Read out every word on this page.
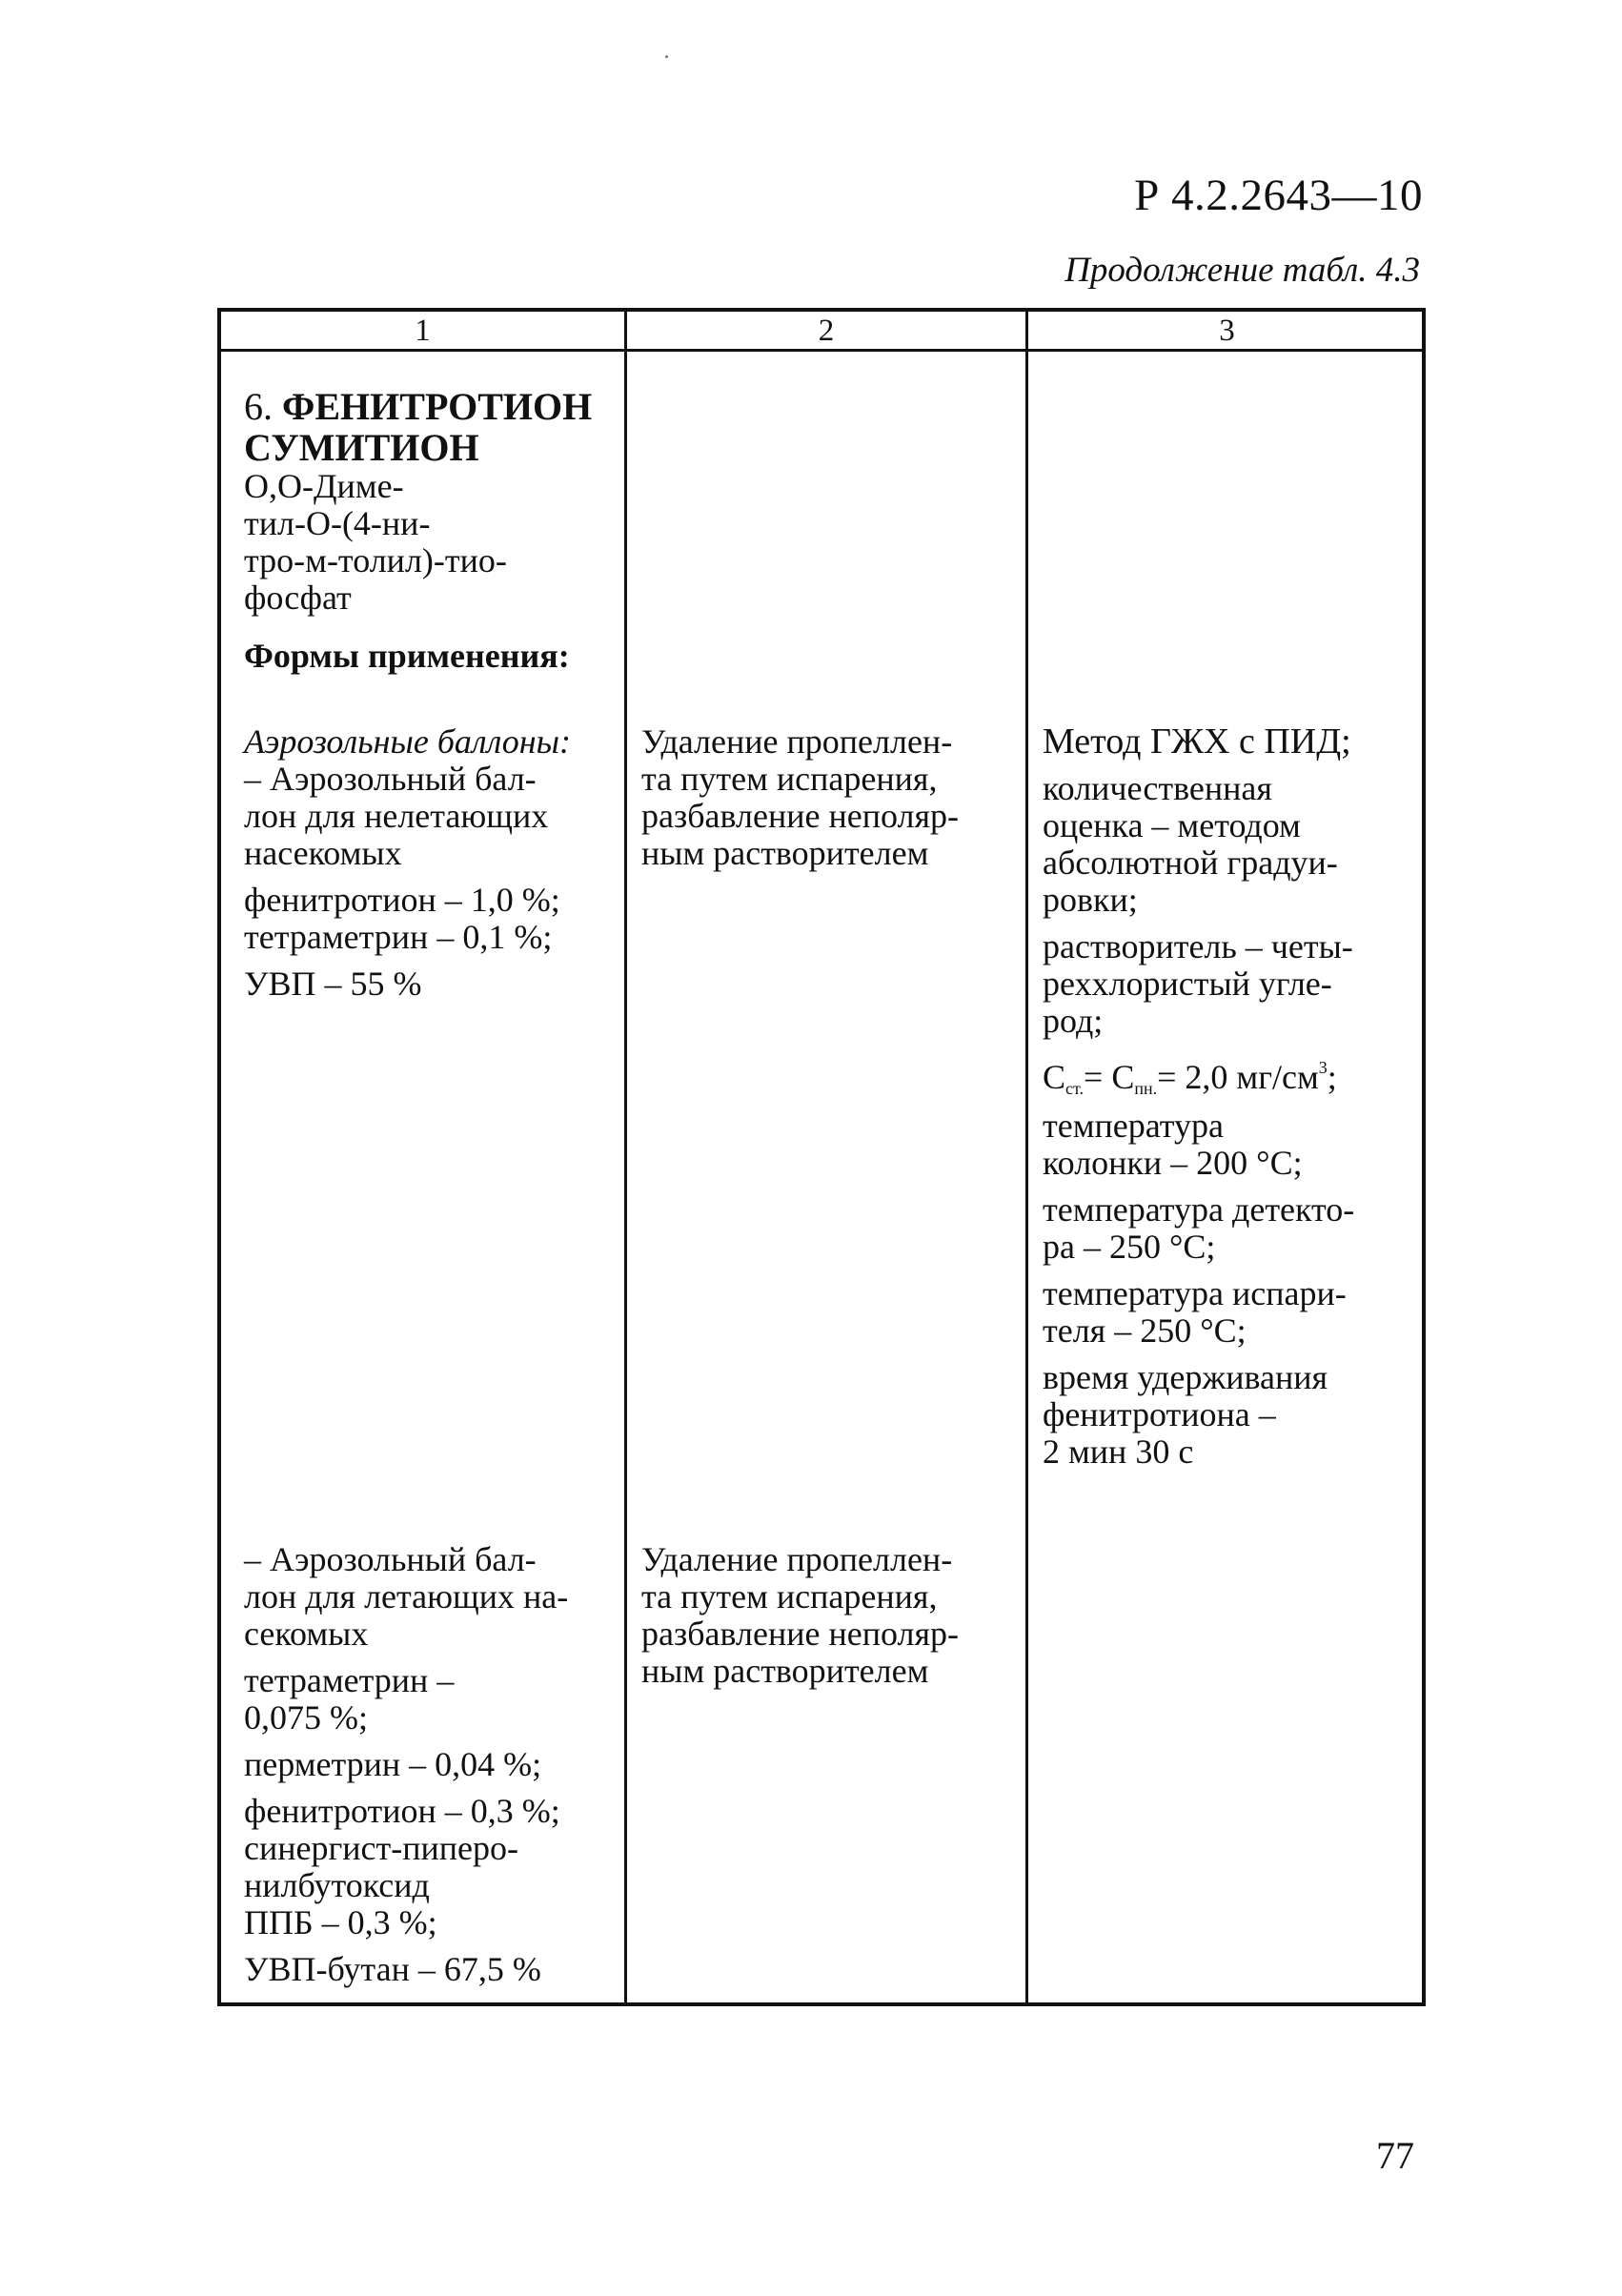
Р 4.2.2643—10
Продолжение табл. 4.3
1	2	3
6. ФЕНИТРОТИОН
СУМИТИОН
О,О-Диме-
тил-О-(4-ни-
тро-м-толил)-тио-
фосфат
Формы применения:
Аэрозольные баллоны:
– Аэрозольный бал-
лон для нелетающих
насекомых
фенитротион – 1,0 %;
тетраметрин – 0,1 %;
УВП – 55 %
Удаление пропеллен-
та путем испарения,
разбавление неполяр-
ным растворителем
Метод ГЖХ с ПИД;
количественная
оценка – методом
абсолютной градуи-
ровки;
растворитель – четы-
реххлористый угле-
род;
$С_{ст.}= С_{пн.}= 2,0$ $мг/см^3$;
температура
колонки – 200 °С;
температура детекто-
ра – 250 °С;
температура испари-
теля – 250 °С;
время удерживания
фенитротиона –
2 мин 30 с
– Аэрозольный бал-
лон для летающих на-
секомых
тетраметрин –
0,075 %;
перметрин – 0,04 %;
фенитротион – 0,3 %;
синергист-пиперо-
нилбутоксид
ППБ – 0,3 %;
УВП-бутан – 67,5 %
Удаление пропеллен-
та путем испарения,
разбавление неполяр-
ным растворителем
77
